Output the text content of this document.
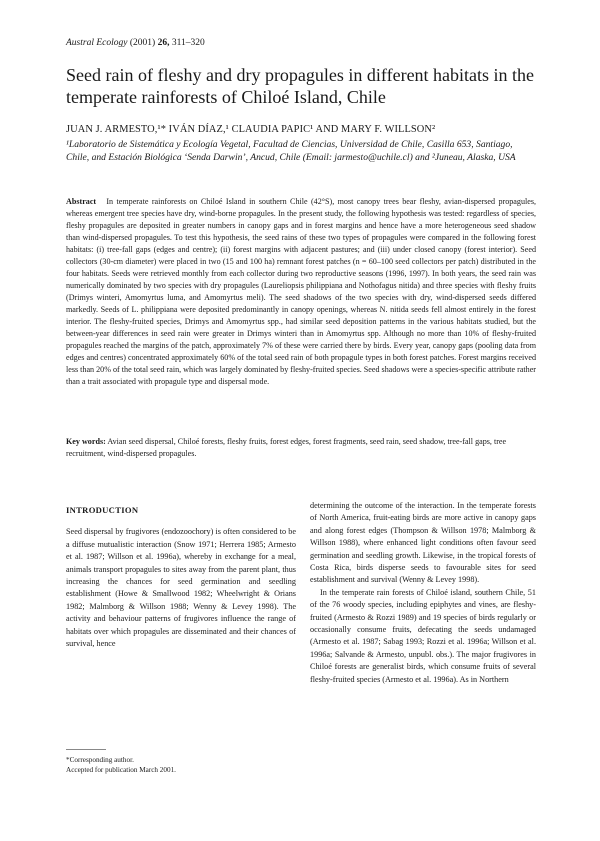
Austral Ecology (2001) 26, 311–320
Seed rain of fleshy and dry propagules in different habitats in the temperate rainforests of Chiloé Island, Chile
JUAN J. ARMESTO,¹* IVÁN DÍAZ,¹ CLAUDIA PAPIC¹ AND MARY F. WILLSON²
¹Laboratorio de Sistemática y Ecología Vegetal, Facultad de Ciencias, Universidad de Chile, Casilla 653, Santiago, Chile, and Estación Biológica ‘Senda Darwin’, Ancud, Chile (Email: jarmesto@uchile.cl) and ²Juneau, Alaska, USA

Abstract In temperate rainforests on Chiloé Island in southern Chile (42°S), most canopy trees bear fleshy, avian-dispersed propagules, whereas emergent tree species have dry, wind-borne propagules. In the present study, the following hypothesis was tested: regardless of species, fleshy propagules are deposited in greater numbers in canopy gaps and in forest margins and hence have a more heterogeneous seed shadow than wind-dispersed propagules. To test this hypothesis, the seed rains of these two types of propagules were compared in the following forest habitats: (i) tree-fall gaps (edges and centre); (ii) forest margins with adjacent pastures; and (iii) under closed canopy (forest interior). Seed collectors (30-cm diameter) were placed in two (15 and 100 ha) remnant forest patches (n = 60–100 seed collectors per patch) distributed in the four habitats. Seeds were retrieved monthly from each collector during two reproductive seasons (1996, 1997). In both years, the seed rain was numerically dominated by two species with dry propagules (Laureliopsis philippiana and Nothofagus nitida) and three species with fleshy fruits (Drimys winteri, Amomyrtus luma, and Amomyrtus meli). The seed shadows of the two species with dry, wind-dispersed seeds differed markedly. Seeds of L. philippiana were deposited predominantly in canopy openings, whereas N. nitida seeds fell almost entirely in the forest interior. The fleshy-fruited species, Drimys and Amomyrtus spp., had similar seed deposition patterns in the various habitats studied, but the between-year differences in seed rain were greater in Drimys winteri than in Amomyrtus spp. Although no more than 10% of fleshy-fruited propagules reached the margins of the patch, approximately 7% of these were carried there by birds. Every year, canopy gaps (pooling data from edges and centres) concentrated approximately 60% of the total seed rain of both propagule types in both forest patches. Forest margins received less than 20% of the total seed rain, which was largely dominated by fleshy-fruited species. Seed shadows were a species-specific attribute rather than a trait associated with propagule type and dispersal mode.

Key words: Avian seed dispersal, Chiloé forests, fleshy fruits, forest edges, forest fragments, seed rain, seed shadow, tree-fall gaps, tree recruitment, wind-dispersed propagules.

INTRODUCTION

Seed dispersal by frugivores (endozoochory) is often considered to be a diffuse mutualistic interaction (Snow 1971; Herrera 1985; Armesto et al. 1987; Willson et al. 1996a), whereby in exchange for a meal, animals transport propagules to sites away from the parent plant, thus increasing the chances for seed germination and seedling establishment (Howe & Smallwood 1982; Wheelwright & Orians 1982; Malmborg & Willson 1988; Wenny & Levey 1998). The activity and behaviour patterns of frugivores influence the range of habitats over which propagules are disseminated and their chances of survival, hence

determining the outcome of the interaction. In the temperate forests of North America, fruit-eating birds are more active in canopy gaps and along forest edges (Thompson & Willson 1978; Malmborg & Willson 1988), where enhanced light conditions often favour seed germination and seedling growth. Likewise, in the tropical forests of Costa Rica, birds disperse seeds to favourable sites for seed establishment and survival (Wenny & Levey 1998).

In the temperate rain forests of Chiloé island, southern Chile, 51 of the 76 woody species, including epiphytes and vines, are fleshy-fruited (Armesto & Rozzi 1989) and 19 species of birds regularly or occasionally consume fruits, defecating the seeds undamaged (Armesto et al. 1987; Sabag 1993; Rozzi et al. 1996a; Willson et al. 1996a; Salvande & Armesto, unpubl. obs.). The major frugivores in Chiloé forests are generalist birds, which consume fruits of several fleshy-fruited species (Armesto et al. 1996a). As in Northern

*Corresponding author.

Accepted for publication March 2001.
